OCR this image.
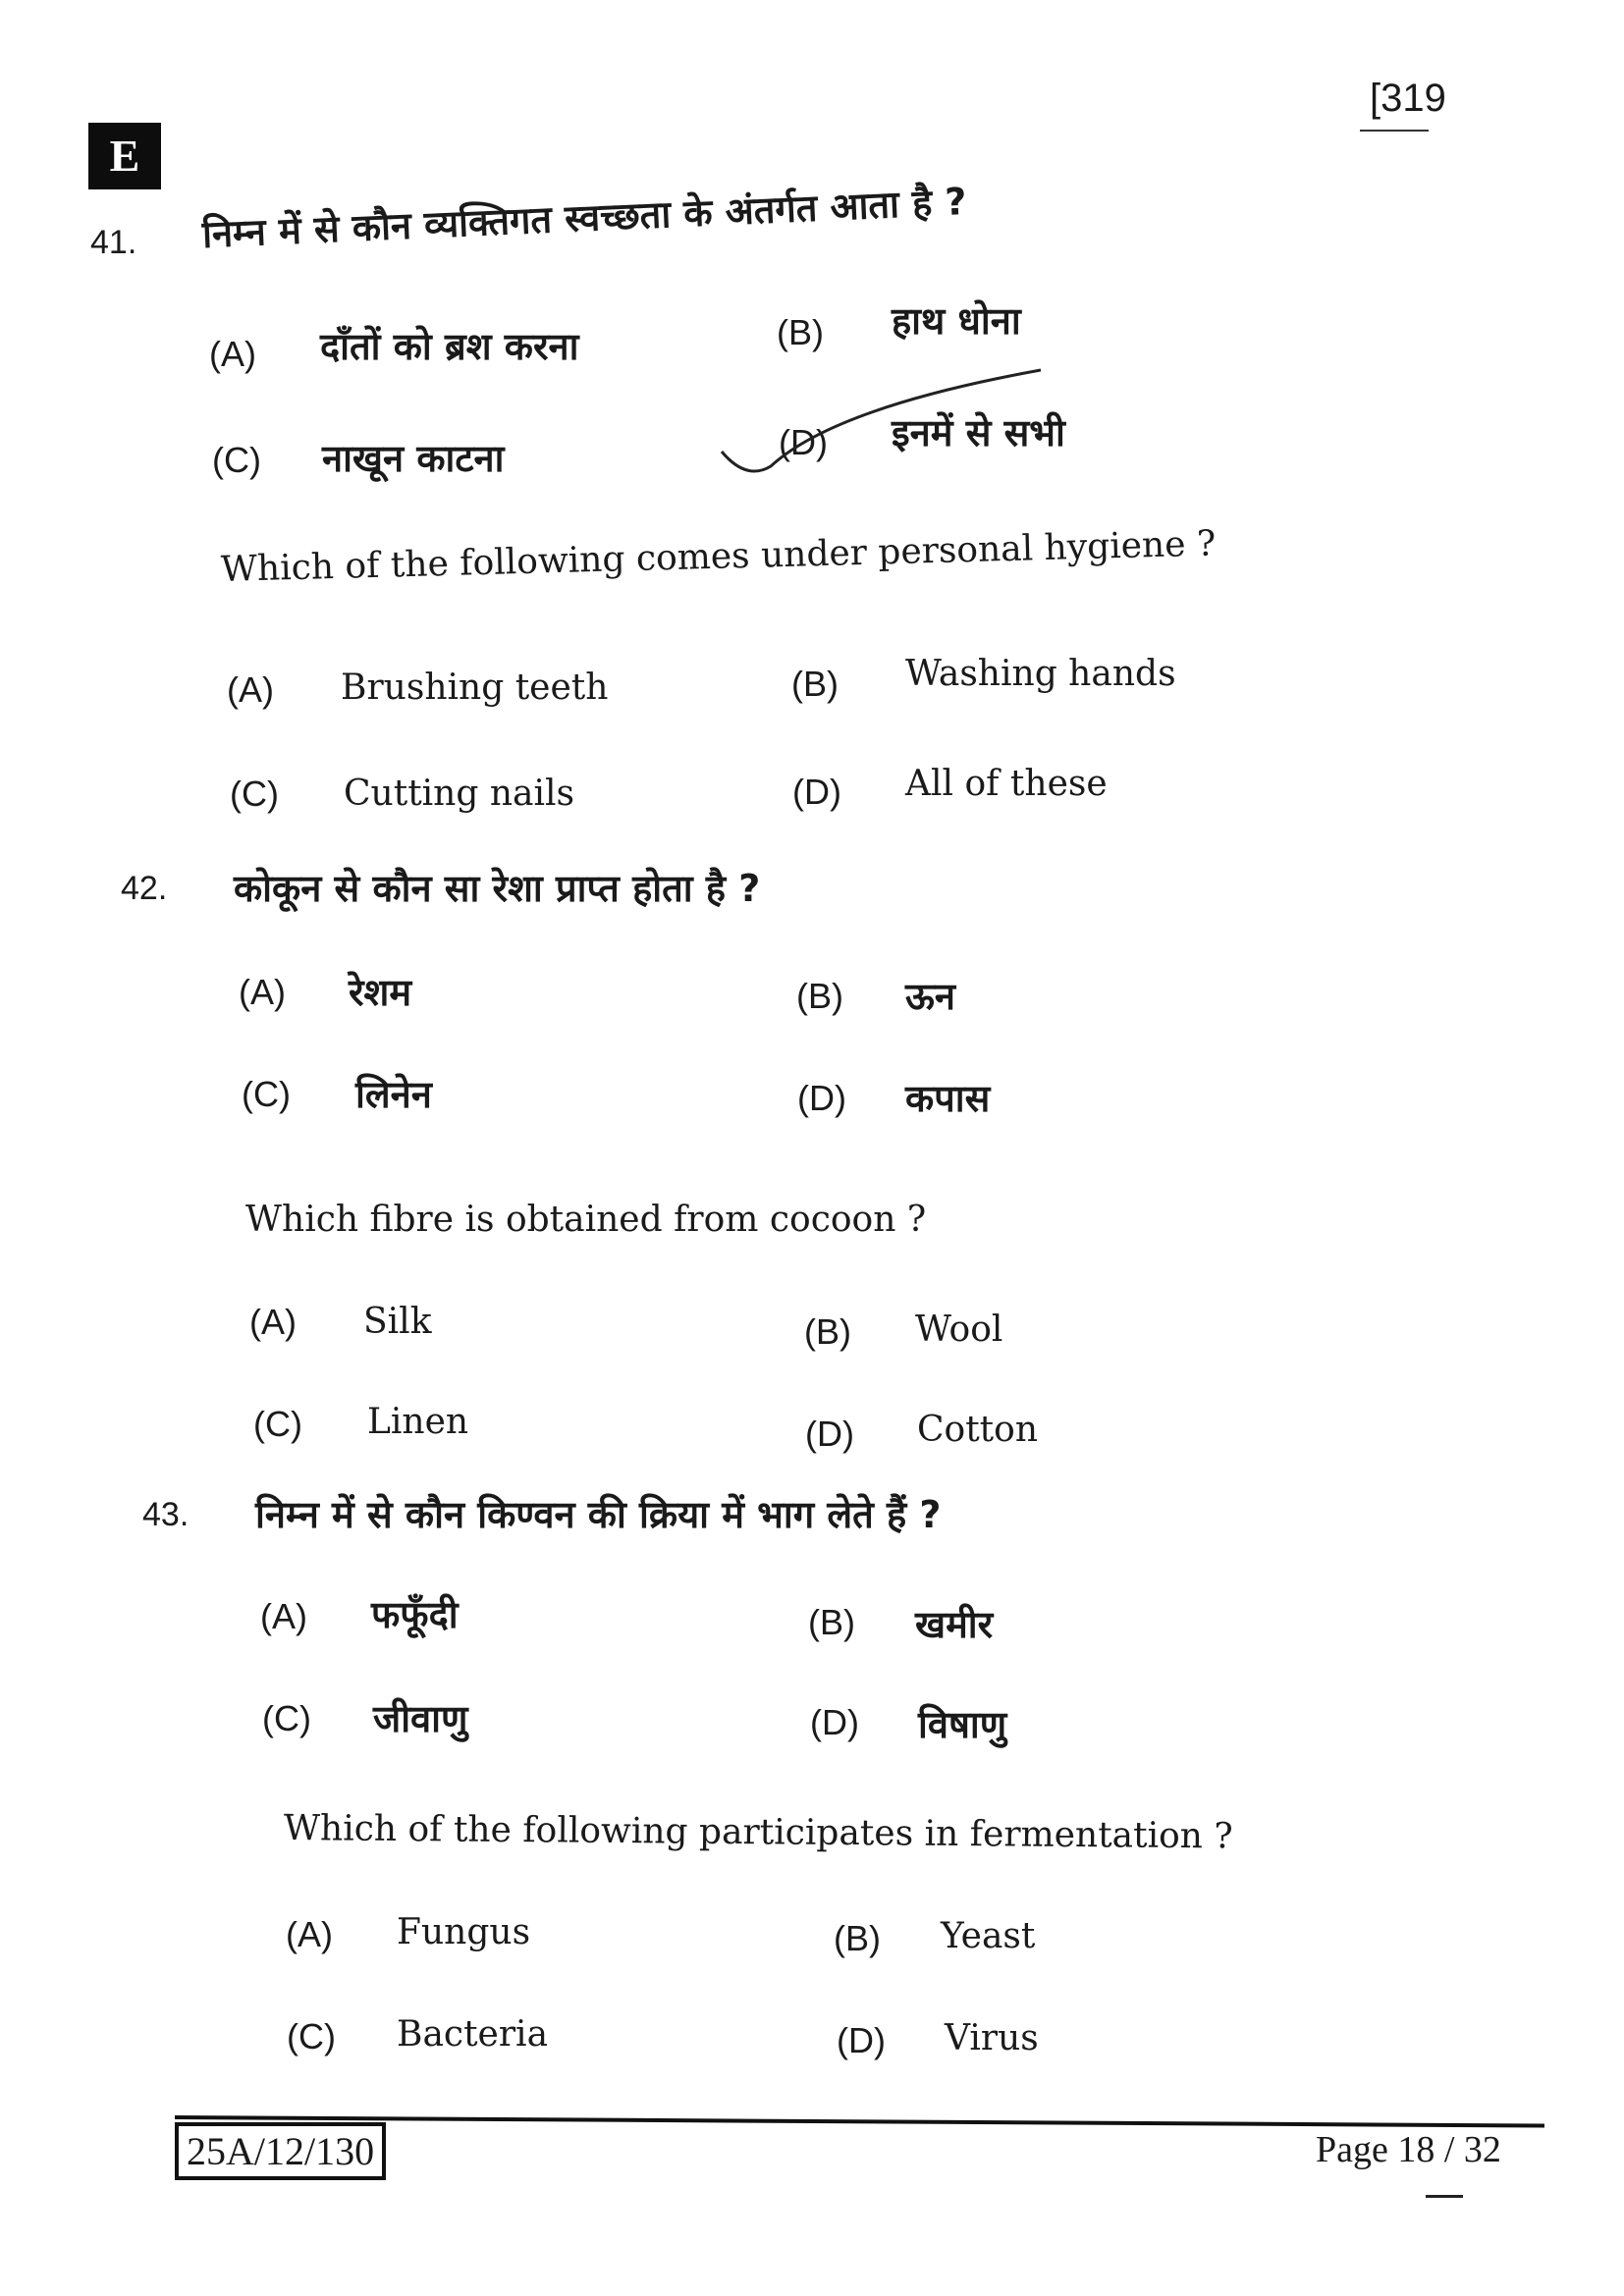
E
[319
41. निम्न में से कौन व्यक्तिगत स्वच्छता के अंतर्गत आता है ?
(A) दाँतों को ब्रश करना	(B) हाथ धोना
(C) नाखून काटना	(D) इनमें से सभी
Which of the following comes under personal hygiene ?
(A) Brushing teeth	(B) Washing hands
(C) Cutting nails	(D) All of these
42. कोकून से कौन सा रेशा प्राप्त होता है ?
(A) रेशम	(B) ऊन
(C) लिनेन	(D) कपास
Which fibre is obtained from cocoon ?
(A) Silk	(B) Wool
(C) Linen	(D) Cotton
43. निम्न में से कौन किण्वन की क्रिया में भाग लेते हैं ?
(A) फफूँदी	(B) खमीर
(C) जीवाणु	(D) विषाणु
Which of the following participates in fermentation ?
(A) Fungus	(B) Yeast
(C) Bacteria	(D) Virus
25A/12/130	Page 18 / 32
